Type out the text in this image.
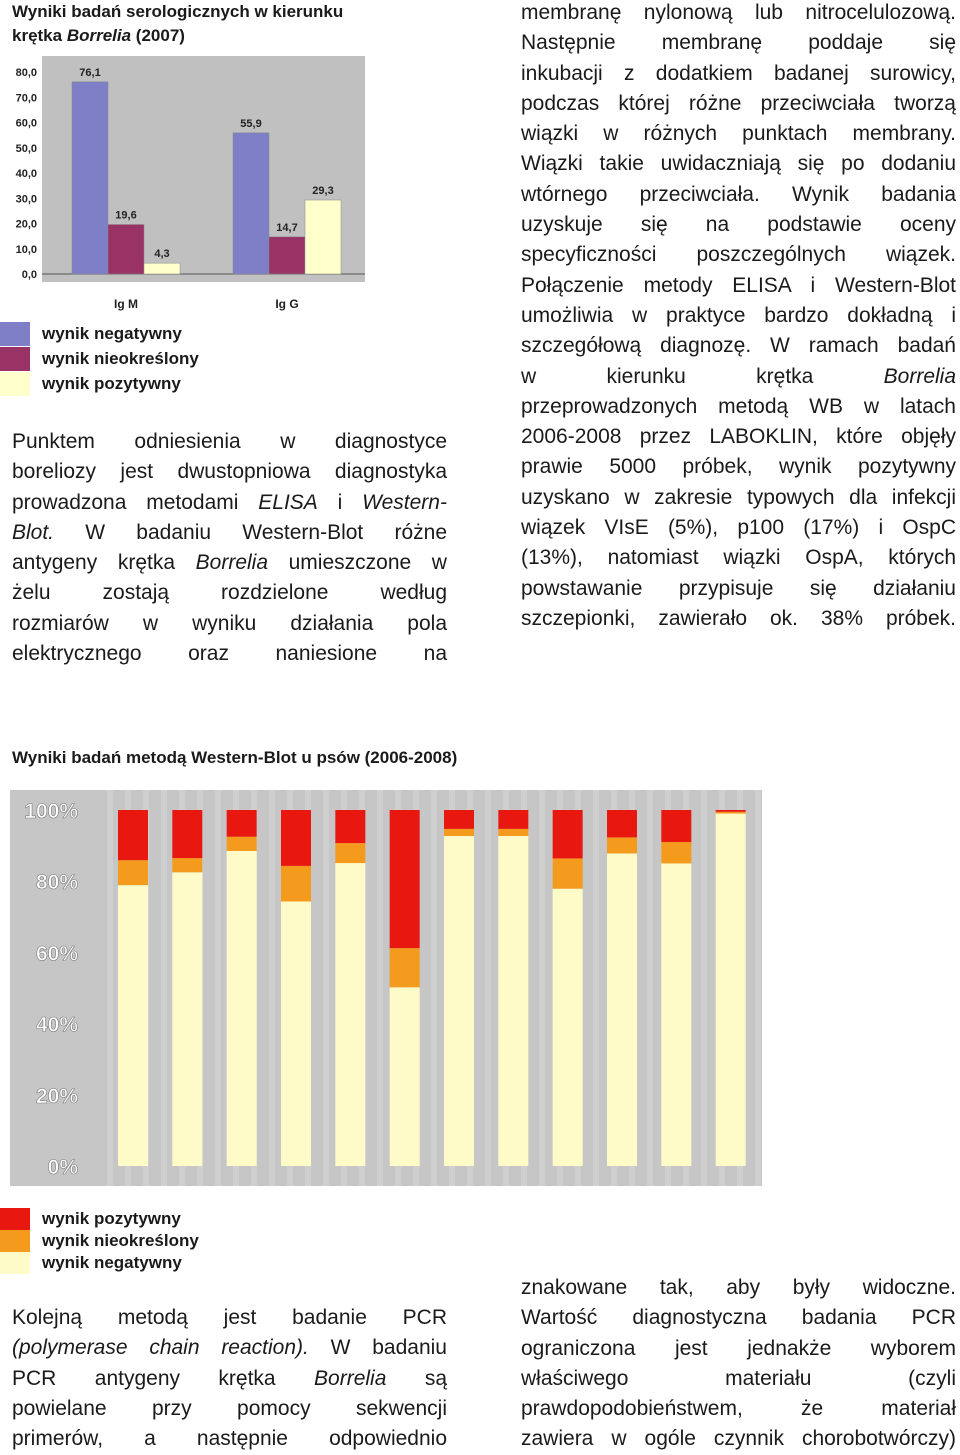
Wyniki badań serologicznych w kierunku
krętka Borrelia (2007)
0,0
10,0
20,0
30,0
40,0
50,0
60,0
70,0
80,0	76,1
19,6
4,3
Ig M
55,9
14,7
29,3
Ig G
wynik negatywny
wynik nieokreślony
wynik pozytywny
Punktem odniesienia w diagnostyce
boreliozy jest dwustopniowa diagnostyka
prowadzona metodami ELISA i Western-
Blot. W badaniu Western-Blot różne
antygeny krętka Borrelia umieszczone w
żelu zostają rozdzielone według
rozmiarów w wyniku działania pola
elektrycznego oraz naniesione na
membranę nylonową lub nitrocelulozową.
Następnie membranę poddaje się
inkubacji z dodatkiem badanej surowicy,
podczas której różne przeciwciała tworzą
wiązki w różnych punktach membrany.
Wiązki takie uwidaczniają się po dodaniu
wtórnego przeciwciała. Wynik badania
uzyskuje się na podstawie oceny
specyficzności poszczególnych wiązek.
Połączenie metody ELISA i Western-Blot
umożliwia w praktyce bardzo dokładną i
szczegółową diagnozę. W ramach badań
w	kierunku	krętka	Borrelia
przeprowadzonych metodą WB w latach
2006-2008 przez LABOKLIN, które objęły
prawie 5000 próbek, wynik pozytywny
uzyskano w zakresie typowych dla infekcji
wiązek VIsE (5%), p100 (17%) i OspC
(13%), natomiast wiązki OspA, których
powstawanie przypisuje się działaniu
szczepionki, zawierało ok. 38% próbek.
Wyniki badań metodą Western-Blot u psów (2006-2008)
0%
20%
40%
60%
80%
100%
wynik pozytywny
wynik nieokreślony
wynik negatywny
Kolejną metodą jest badanie PCR
(polymerase chain reaction). W badaniu
PCR antygeny krętka Borrelia są
powielane przy pomocy sekwencji
primerów, a następnie odpowiednio
znakowane tak, aby były widoczne.
Wartość diagnostyczna badania PCR
ograniczona jest jednakże wyborem
właściwego materiału (czyli
prawdopodobieństwem, że materiał
zawiera w ogóle czynnik chorobotwórczy)
